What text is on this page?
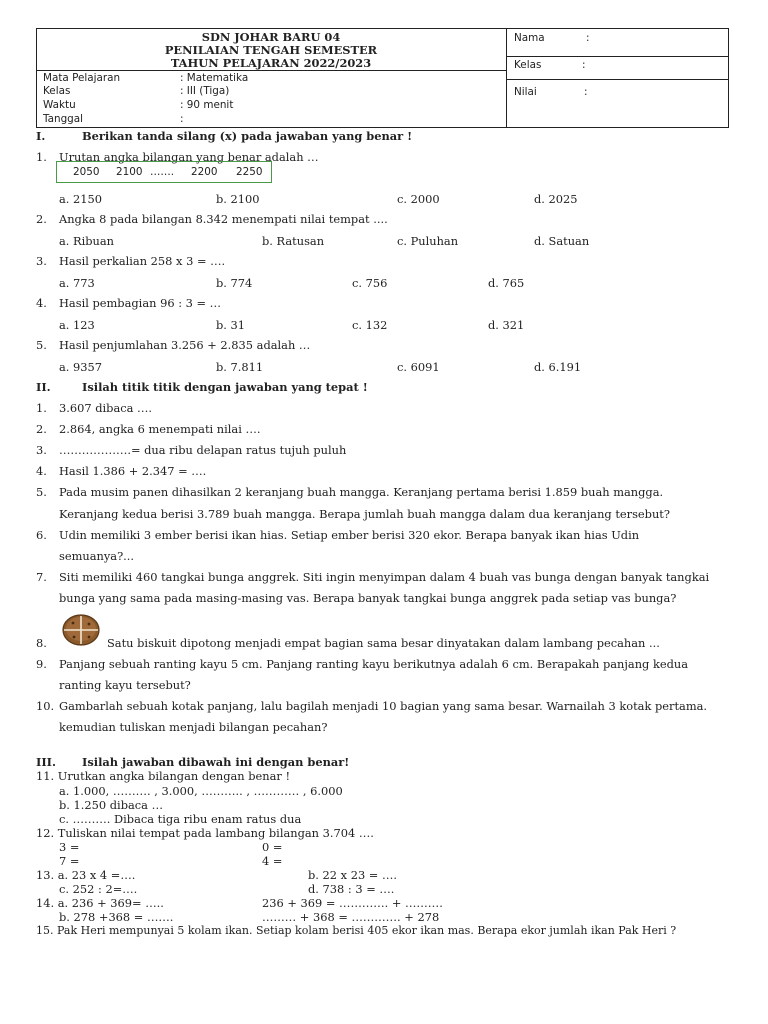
SDN JOHAR BARU 04
PENILAIAN TENGAH SEMESTER
TAHUN PELAJARAN 2022/2023
Mata Pelajaran	: Matematika
Kelas	: III (Tiga)
Waktu	: 90 menit
Tanggal	:
Nama	:
Kelas	:
Nilai	:
I.	Berikan tanda silang (x) pada jawaban yang benar !
1. Urutan angka bilangan yang benar adalah …
2050 2100 ……. 2200 2250
a. 2150	b. 2100	c. 2000	d. 2025
2. Angka 8 pada bilangan 8.342 menempati nilai tempat ....
a. Ribuan	b. Ratusan	c. Puluhan	d. Satuan
3. Hasil perkalian 258 x 3 = ….
a. 773	b. 774	c. 756	d. 765
4. Hasil pembagian 96 : 3 = …
a. 123	b. 31	c. 132	d. 321
5. Hasil penjumlahan 3.256 + 2.835 adalah …
a. 9357	b. 7.811	c. 6091	d. 6.191
II.	Isilah titik titik dengan jawaban yang tepat !
1. 3.607 dibaca ….
2. 2.864, angka 6 menempati nilai ….
3. ……………….= dua ribu delapan ratus tujuh puluh
4. Hasil 1.386 + 2.347 = ….
5. Pada musim panen dihasilkan 2 keranjang buah mangga. Keranjang pertama berisi 1.859 buah mangga.
Keranjang kedua berisi 3.789 buah mangga. Berapa jumlah buah mangga dalam dua keranjang tersebut?
6. Udin memiliki 3 ember berisi ikan hias. Setiap ember berisi 320 ekor. Berapa banyak ikan hias Udin
semuanya?...
7. Siti memiliki 460 tangkai bunga anggrek. Siti ingin menyimpan dalam 4 buah vas bunga dengan banyak tangkai
bunga yang sama pada masing-masing vas. Berapa banyak tangkai bunga anggrek pada setiap vas bunga?
8.	Satu biskuit dipotong menjadi empat bagian sama besar dinyatakan dalam lambang pecahan ...
9. Panjang sebuah ranting kayu 5 cm. Panjang ranting kayu berikutnya adalah 6 cm. Berapakah panjang kedua
ranting kayu tersebut?
10. Gambarlah sebuah kotak panjang, lalu bagilah menjadi 10 bagian yang sama besar. Warnailah 3 kotak pertama.
kemudian tuliskan menjadi bilangan pecahan?
III. Isilah jawaban dibawah ini dengan benar!
11. Urutkan angka bilangan dengan benar !
a. 1.000, ………. , 3.000, ……….. , ………… , 6.000
b. 1.250 dibaca …
c. ………. Dibaca tiga ribu enam ratus dua
12. Tuliskan nilai tempat pada lambang bilangan 3.704 ….
3 =	0 =
7 =	4 =
13. a. 23 x 4 =….	b. 22 x 23 = ….
c. 252 : 2=….	d. 738 : 3 = ….
14. a. 236 + 369= …..	236 + 369 = …………. + ……….
b. 278 +368 = …….	……… + 368 = …………. + 278
15. Pak Heri mempunyai 5 kolam ikan. Setiap kolam berisi 405 ekor ikan mas. Berapa ekor jumlah ikan Pak Heri ?
